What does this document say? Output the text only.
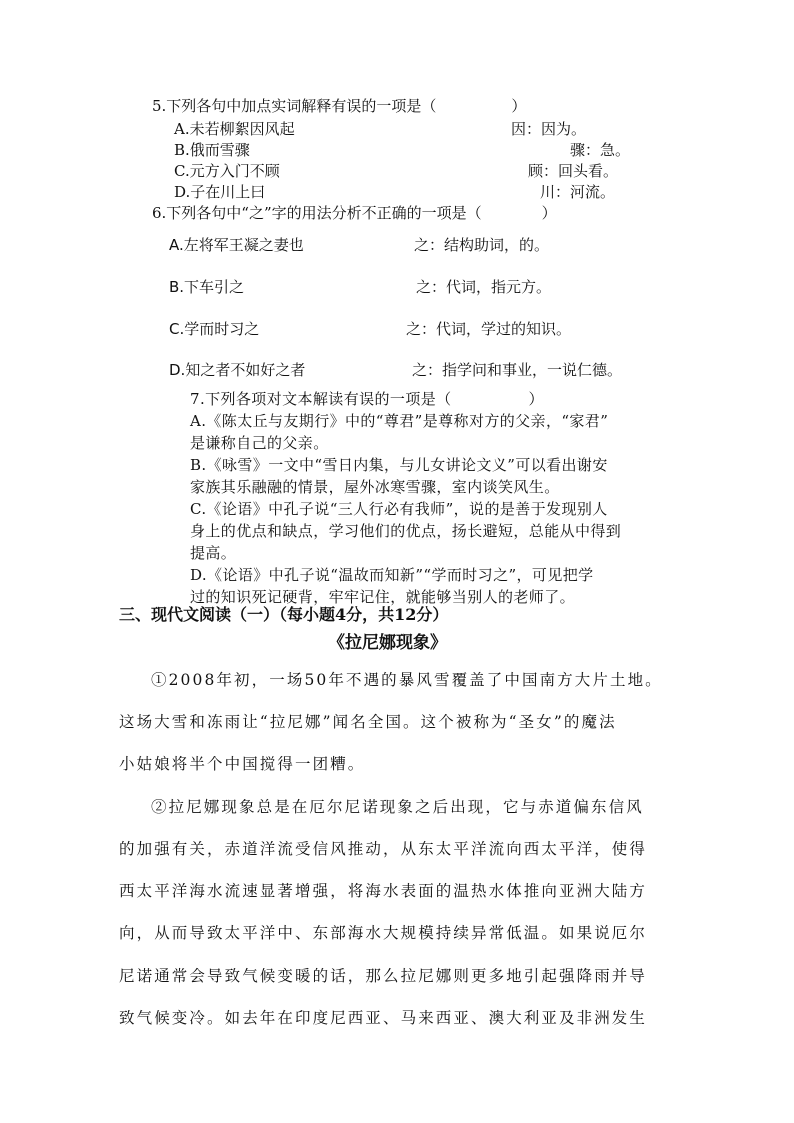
5.下列各句中加点实词解释有误的一项是（　　　　　）
A.未若柳絮因风起	因：因为。
B.俄而雪骤	骤：急。
C.元方入门不顾	顾：回头看。
D.子在川上曰	川：河流。
6.下列各句中“之”字的用法分析不正确的一项是（　　　　）
A.左将军王凝之妻也	之：结构助词，的。
B.下车引之	之：代词，指元方。
C.学而时习之	之：代词，学过的知识。
D.知之者不如好之者	之：指学问和事业，一说仁德。
7.下列各项对文本解读有误的一项是（　　　　　）
A.《陈太丘与友期行》中的“尊君”是尊称对方的父亲，“家君”
是谦称自己的父亲。
B.《咏雪》一文中“雪日内集，与儿女讲论文义”可以看出谢安
家族其乐融融的情景，屋外冰寒雪骤，室内谈笑风生。
C.《论语》中孔子说“三人行必有我师”，说的是善于发现别人
身上的优点和缺点，学习他们的优点，扬长避短，总能从中得到
提高。
D.《论语》中孔子说“温故而知新”“学而时习之”，可见把学
过的知识死记硬背，牢牢记住，就能够当别人的老师了。
三、现代文阅读（一）（每小题4分，共12分）
《拉尼娜现象》
①2008年初，一场50年不遇的暴风雪覆盖了中国南方大片土地。
这场大雪和冻雨让“拉尼娜”闻名全国。这个被称为“圣女”的魔法
小姑娘将半个中国搅得一团糟。
②拉尼娜现象总是在厄尔尼诺现象之后出现，它与赤道偏东信风
的加强有关，赤道洋流受信风推动，从东太平洋流向西太平洋，使得
西太平洋海水流速显著增强，将海水表面的温热水体推向亚洲大陆方
向，从而导致太平洋中、东部海水大规模持续异常低温。如果说厄尔
尼诺通常会导致气候变暖的话，那么拉尼娜则更多地引起强降雨并导
致气候变冷。如去年在印度尼西亚、马来西亚、澳大利亚及非洲发生
